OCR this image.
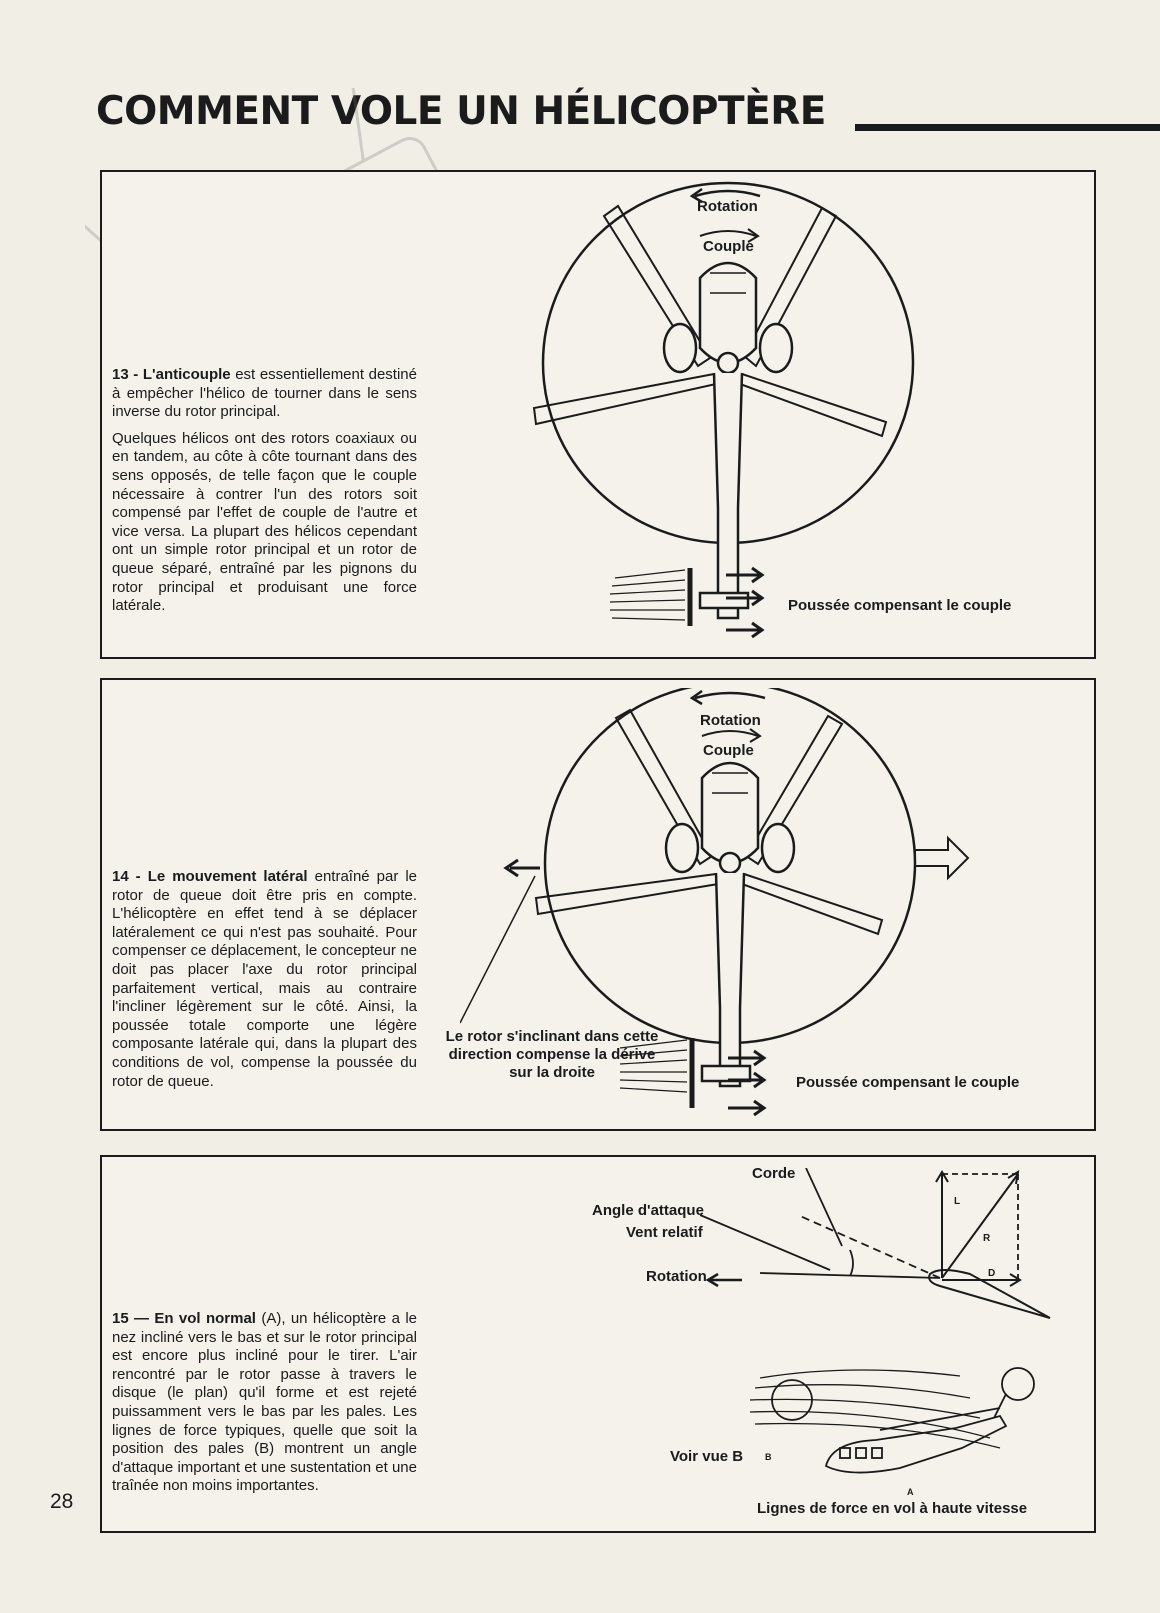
COMMENT VOLE UN HÉLICOPTÈRE

13 - L'anticouple est essentiellement destiné à empêcher l'hélico de tourner dans le sens inverse du rotor principal.

Quelques hélicos ont des rotors coaxiaux ou en tandem, au côte à côte tournant dans des sens opposés, de telle façon que le couple nécessaire à contrer l'un des rotors soit compensé par l'effet de couple de l'autre et vice versa. La plupart des hélicos cependant ont un simple rotor principal et un rotor de queue séparé, entraîné par les pignons du rotor principal et produisant une force latérale.

Rotation
Couple
Poussée compensant le couple

14 - Le mouvement latéral entraîné par le rotor de queue doit être pris en compte. L'hélicoptère en effet tend à se déplacer latéralement ce qui n'est pas souhaité. Pour compenser ce déplacement, le concepteur ne doit pas placer l'axe du rotor principal parfaitement vertical, mais au contraire l'incliner légèrement sur le côté. Ainsi, la poussée totale comporte une légère composante latérale qui, dans la plupart des conditions de vol, compense la poussée du rotor de queue.

Rotation
Couple
Le rotor s'inclinant dans cette direction compense la dérive sur la droite
Poussée compensant le couple

15 — En vol normal (A), un hélicoptère a le nez incliné vers le bas et sur le rotor principal est encore plus incliné pour le tirer. L'air rencontré par le rotor passe à travers le disque (le plan) qu'il forme et est rejeté puissamment vers le bas par les pales. Les lignes de force typiques, quelle que soit la position des pales (B) montrent un angle d'attaque important et une sustentation et une traînée non moins importantes.

Corde
Angle d'attaque
Vent relatif
Rotation
L
R
D
Voir vue B B
A
Lignes de force en vol à haute vitesse
28
